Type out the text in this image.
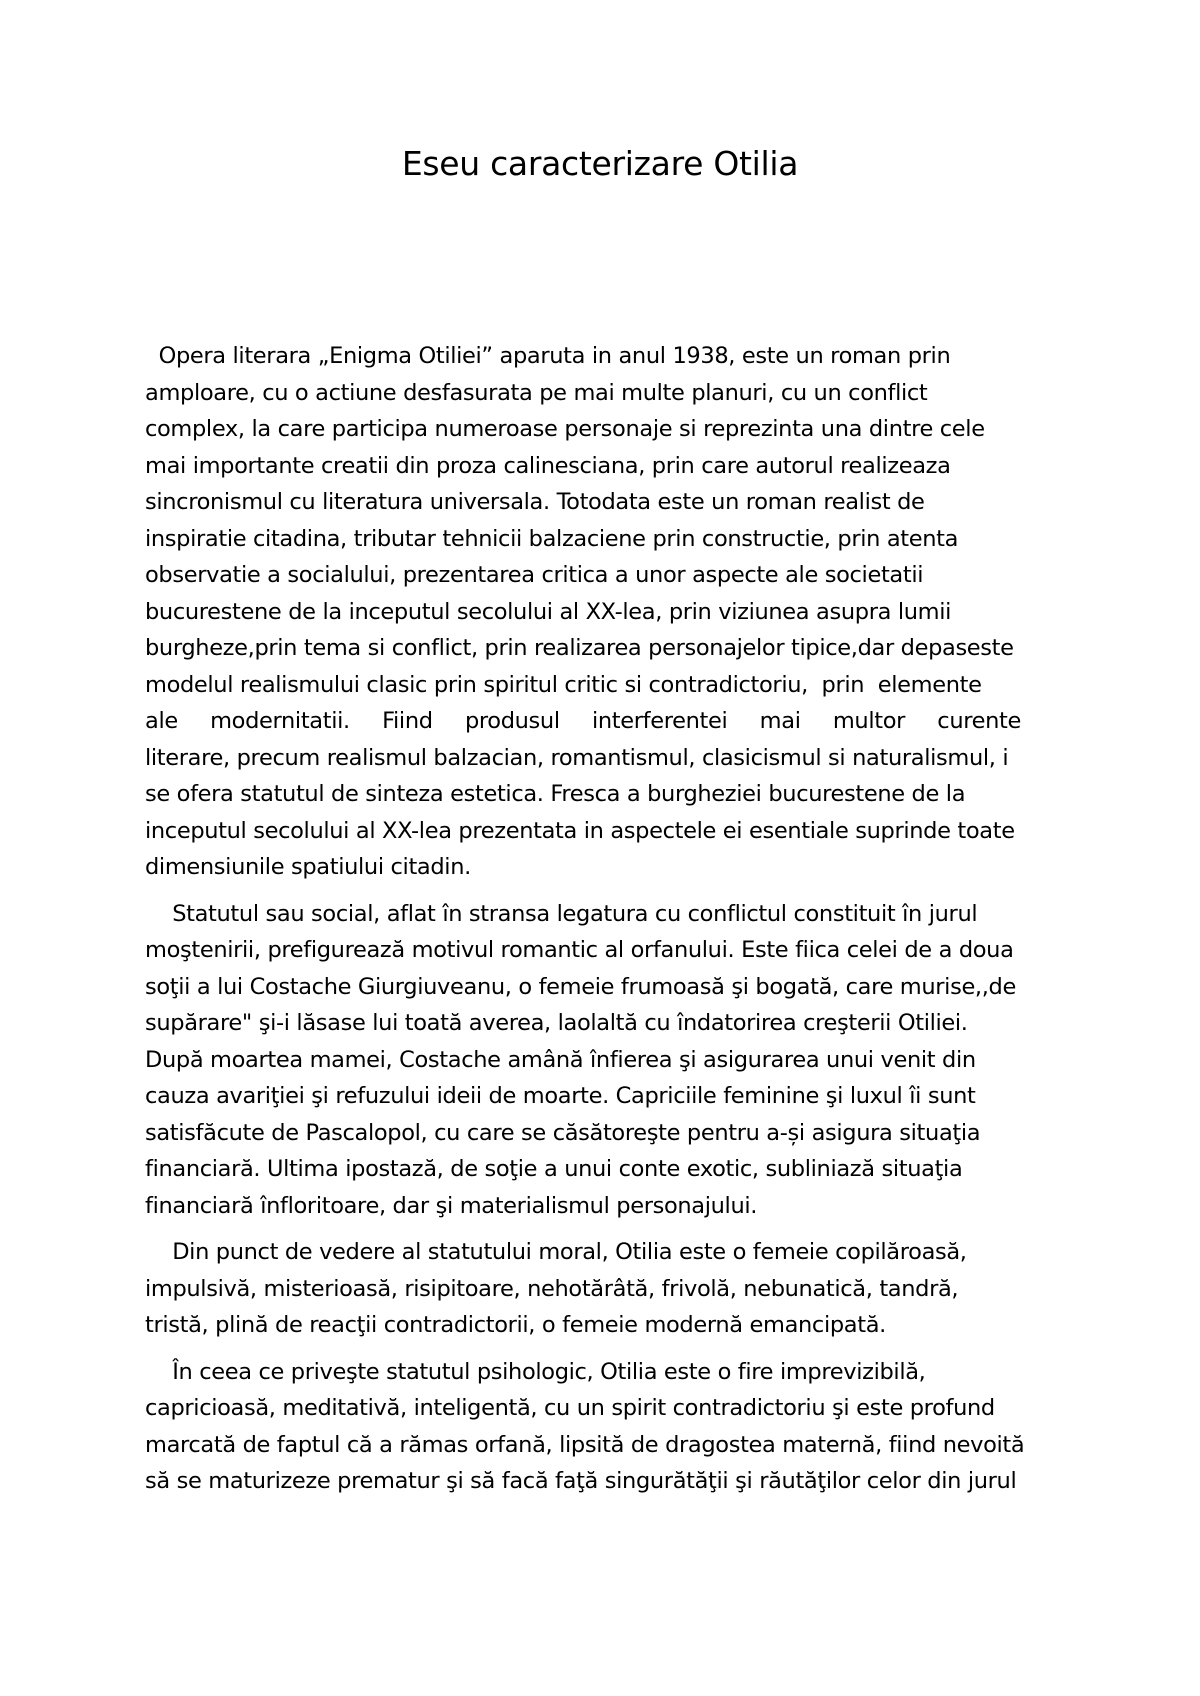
Eseu caracterizare Otilia
Opera literara „Enigma Otiliei” aparuta in anul 1938, este un roman prin
amploare, cu o actiune desfasurata pe mai multe planuri, cu un conflict
complex, la care participa numeroase personaje si reprezinta una dintre cele
mai importante creatii din proza calinesciana, prin care autorul realizeaza
sincronismul cu literatura universala. Totodata este un roman realist de
inspiratie citadina, tributar tehnicii balzaciene prin constructie, prin atenta
observatie a socialului, prezentarea critica a unor aspecte ale societatii
bucurestene de la inceputul secolului al XX-lea, prin viziunea asupra lumii
burgheze,prin tema si conflict, prin realizarea personajelor tipice,dar depaseste
modelul realismului clasic prin spiritul critic si contradictoriu,  prin  elemente
ale modernitatii. Fiind produsul interferentei mai multor curente
literare, precum realismul balzacian, romantismul, clasicismul si naturalismul, i
se ofera statutul de sinteza estetica. Fresca a burgheziei bucurestene de la
inceputul secolului al XX-lea prezentata in aspectele ei esentiale suprinde toate
dimensiunile spatiului citadin.
Statutul sau social, aflat în stransa legatura cu conflictul constituit în jurul
moştenirii, prefigurează motivul romantic al orfanului. Este fiica celei de a doua
soţii a lui Costache Giurgiuveanu, o femeie frumoasă şi bogată, care murise,,de
supărare" şi-i lăsase lui toată averea, laolaltă cu îndatorirea creşterii Otiliei.
După moartea mamei, Costache amână înfierea şi asigurarea unui venit din
cauza avariţiei şi refuzului ideii de moarte. Capriciile feminine şi luxul îi sunt
satisfăcute de Pascalopol, cu care se căsătoreşte pentru a-și asigura situaţia
financiară. Ultima ipostază, de soţie a unui conte exotic, subliniază situaţia
financiară înfloritoare, dar şi materialismul personajului.
Din punct de vedere al statutului moral, Otilia este o femeie copilăroasă,
impulsivă, misterioasă, risipitoare, nehotărâtă, frivolă, nebunatică, tandră,
tristă, plină de reacţii contradictorii, o femeie modernă emancipată.
În ceea ce priveşte statutul psihologic, Otilia este o fire imprevizibilă,
capricioasă, meditativă, inteligentă, cu un spirit contradictoriu şi este profund
marcată de faptul că a rămas orfană, lipsită de dragostea maternă, fiind nevoită
să se maturizeze prematur şi să facă faţă singurătăţii şi răutăţilor celor din jurul
